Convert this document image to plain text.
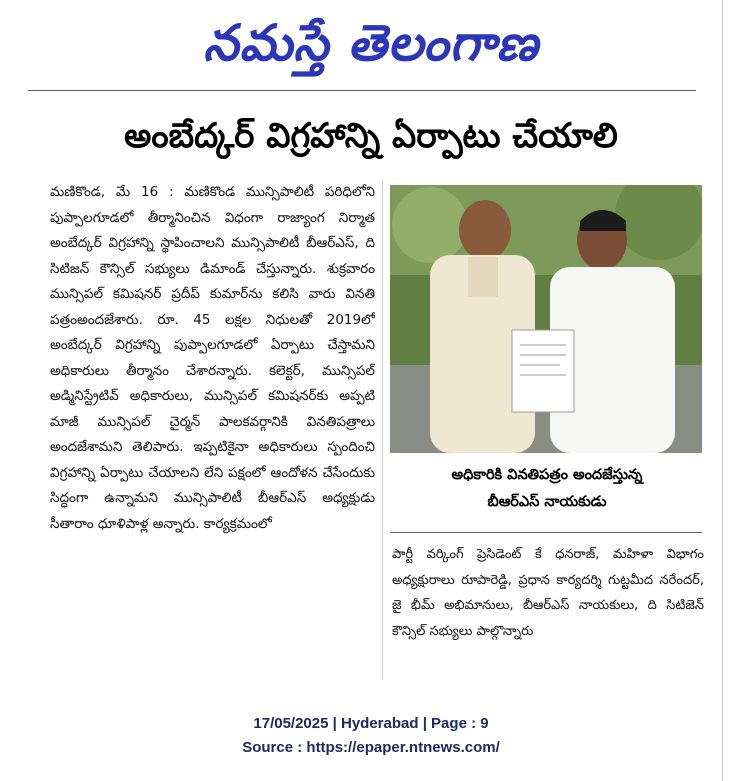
నమస్తే తెలంగాణ
అంబేద్కర్ విగ్రహాన్ని ఏర్పాటు చేయాలి

మణికొండ, మే 16 : మణికొండ మున్సిపాలిటీ పరిధిలోని పుప్పాలగూడలో తీర్మానించిన విధంగా రాజ్యాంగ నిర్మాత అంబేద్కర్ విగ్రహాన్ని స్థాపించాలని మున్సిపాలిటీ బీఆర్ఎస్, ది సిటిజన్ కౌన్సిల్ సభ్యులు డిమాండ్ చేస్తున్నారు. శుక్రవారం మున్సిపల్ కమిషనర్ ప్రదీప్ కుమార్‌ను కలిసి వారు వినతి పత్రంఅందజేశారు. రూ. 45 లక్షల నిధులతో 2019లో అంబేద్కర్ విగ్రహాన్ని పుప్పాలగూడలో ఏర్పాటు చేస్తామని అధికారులు తీర్మానం చేశారన్నారు. కలెక్టర్, మున్సిపల్ అడ్మినిస్ట్రేటివ్ అధికారులు, మున్సిపల్ కమిషనర్‌కు అప్పటి మాజీ మున్సిపల్ చైర్మన్ పాలకవర్గానికి వినతిపత్రాలు అందజేశామని తెలిపారు. ఇప్పటికైనా అధికారులు స్పందించి విగ్రహాన్ని ఏర్పాటు చేయాలని లేని పక్షంలో ఆందోళన చేసేందుకు సిద్ధంగా ఉన్నామని మున్సిపాలిటీ బీఆర్ఎస్ అధ్యక్షుడు సీతారాం ధూళిపాళ్ల అన్నారు. కార్యక్రమంలో

అధికారికి వినతిపత్రం అందజేస్తున్న
బీఆర్ఎస్ నాయకుడు

పార్టీ వర్కింగ్ ప్రెసిడెంట్ కే ధనరాజ్, మహిళా విభాగం అధ్యక్షురాలు రూపారెడ్డి, ప్రధాన కార్యదర్శి గుట్టమీద నరేందర్, జై భీమ్ అభిమానులు, బీఆర్ఎస్ నాయకులు, ది సిటిజెన్ కౌన్సిల్ సభ్యులు పాల్గొన్నారు

17/05/2025 | Hyderabad | Page : 9
Source : https://epaper.ntnews.com/
